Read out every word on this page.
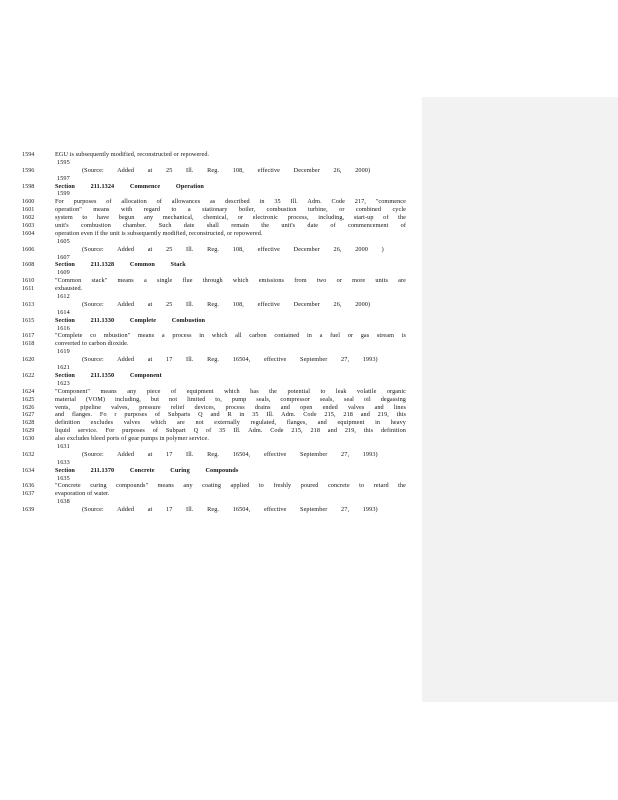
1594	EGU is subsequently modified, reconstructed or repowered.
1595
1596	(Source: Added at 25 Ill. Reg. 108, effective December 26, 2000)
1597
1598	Section 211.1324 Commence Operation
1599
1600	For purposes of allocation of allowances as described in 35 Ill. Adm. Code 217, "commence
1601	operation" means with regard to a stationary boiler, combustion turbine, or combined cycle
1602	system to have begun any mechanical, chemical, or electronic process, including, start-up of the
1603	unit's combustion chamber. Such date shall remain the unit's date of commencement of
1604	operation even if the unit is subsequently modified, reconstructed, or repowered.
1605
1606	(Source: Added at 25 Ill. Reg. 108, effective December 26, 2000 )
1607
1608	Section 211.1328 Common Stack
1609
1610	"Common stack" means a single flue through which emissions from two or more units are
1611	exhausted.
1612
1613	(Source: Added at 25 Ill. Reg. 108, effective December 26, 2000)
1614
1615	Section 211.1330 Complete Combustion
1616
1617	"Complete co mbustion" means a process in which all carbon contained in a fuel or gas stream is
1618	converted to carbon dioxide.
1619
1620	(Source: Added at 17 Ill. Reg. 16504, effective September 27, 1993)
1621
1622	Section 211.1350 Component
1623
1624	"Component" means any piece of equipment which has the potential to leak volatile organic
1625	material (VOM) including, but not limited to, pump seals, compressor seals, seal oil degassing
1626	vents, pipeline valves, pressure relief devices, process drains and open ended valves and lines
1627	and flanges. Fo r purposes of Subparts Q and R in 35 Ill. Adm. Code 215, 218 and 219, this
1628	definition excludes valves which are not externally regulated, flanges, and equipment in heavy
1629	liquid service. For purposes of Subpart Q of 35 Ill. Adm. Code 215, 218 and 219, this definition
1630	also excludes bleed ports of gear pumps in polymer service.
1631
1632	(Source: Added at 17 Ill. Reg. 16504, effective September 27, 1993)
1633
1634	Section 211.1370 Concrete Curing Compounds
1635
1636	"Concrete curing compounds" means any coating applied to freshly poured concrete to retard the
1637	evaporation of water.
1638
1639	(Source: Added at 17 Ill. Reg. 16504, effective September 27, 1993)
